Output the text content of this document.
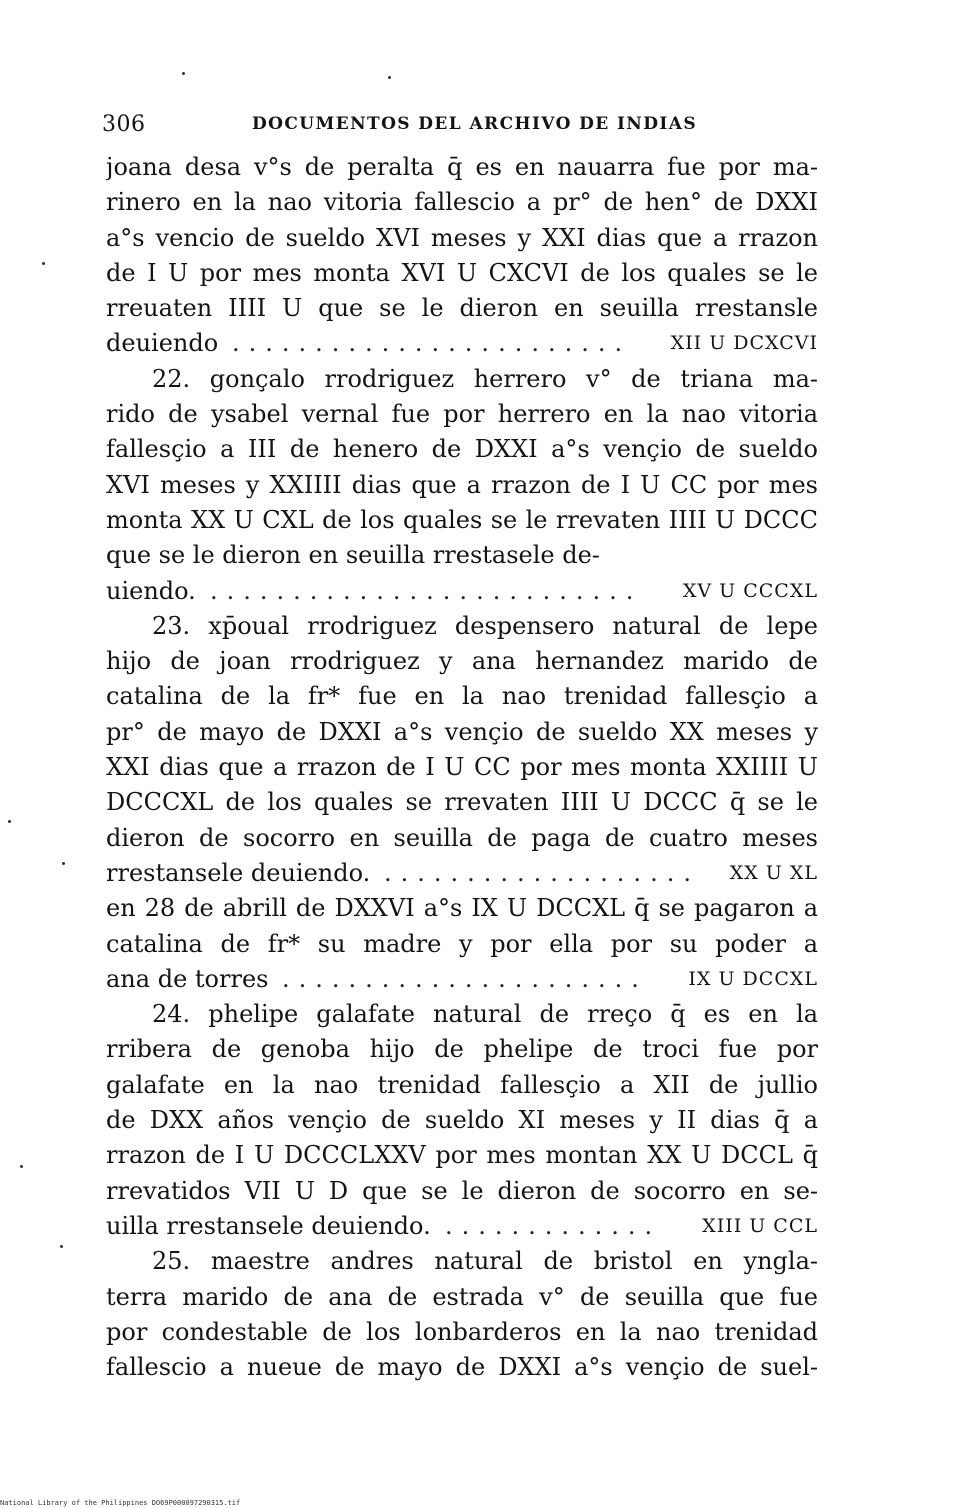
306	DOCUMENTOS DEL ARCHIVO DE INDIAS
joana desa v°s de peralta q̄ es en nauarra fue por ma-
rinero en la nao vitoria fallescio a pr° de hen° de DXXI
a°s vencio de sueldo XVI meses y XXI dias que a rrazon
de I U por mes monta XVI U CXCVI de los quales se le
rreuaten IIII U que se le dieron en seuilla rrestansle
deuiendo ........................ XII U DCXCVI
22. gonçalo rrodriguez herrero v° de triana ma-
rido de ysabel vernal fue por herrero en la nao vitoria
fallesçio a III de henero de DXXI a°s vençio de sueldo
XVI meses y XXIIII dias que a rrazon de I U CC por mes
monta XX U CXL de los quales se le rrevaten IIII U DCCC
que se le dieron en seuilla rrestasele de-
uiendo. .......................... XV U CCCXL
23. xp̄oual rrodriguez despensero natural de lepe
hijo de joan rrodriguez y ana hernandez marido de
catalina de la fr* fue en la nao trenidad fallesçio a
pr° de mayo de DXXI a°s vençio de sueldo XX meses y
XXI dias que a rrazon de I U CC por mes monta XXIIII U
DCCCXL de los quales se rrevaten IIII U DCCC q̄ se le
dieron de socorro en seuilla de paga de cuatro meses
rrestansele deuiendo. ................... XX U XL
en 28 de abrill de DXXVI a°s IX U DCCXL q̄ se pagaron a
catalina de fr* su madre y por ella por su poder a
ana de torres ...................... IX U DCCXL
24. phelipe galafate natural de rreço q̄ es en la
rribera de genoba hijo de phelipe de troci fue por
galafate en la nao trenidad fallesçio a XII de jullio
de DXX años vençio de sueldo XI meses y II dias q̄ a
rrazon de I U DCCCLXXV por mes montan XX U DCCL q̄
rrevatidos VII U D que se le dieron de socorro en se-
uilla rrestansele deuiendo. ............. XIII U CCL
25. maestre andres natural de bristol en yngla-
terra marido de ana de estrada v° de seuilla que fue
por condestable de los lonbarderos en la nao trenidad
fallescio a nueue de mayo de DXXI a°s vençio de suel-
National Library of the Philippines DO69P000097290315.tif
